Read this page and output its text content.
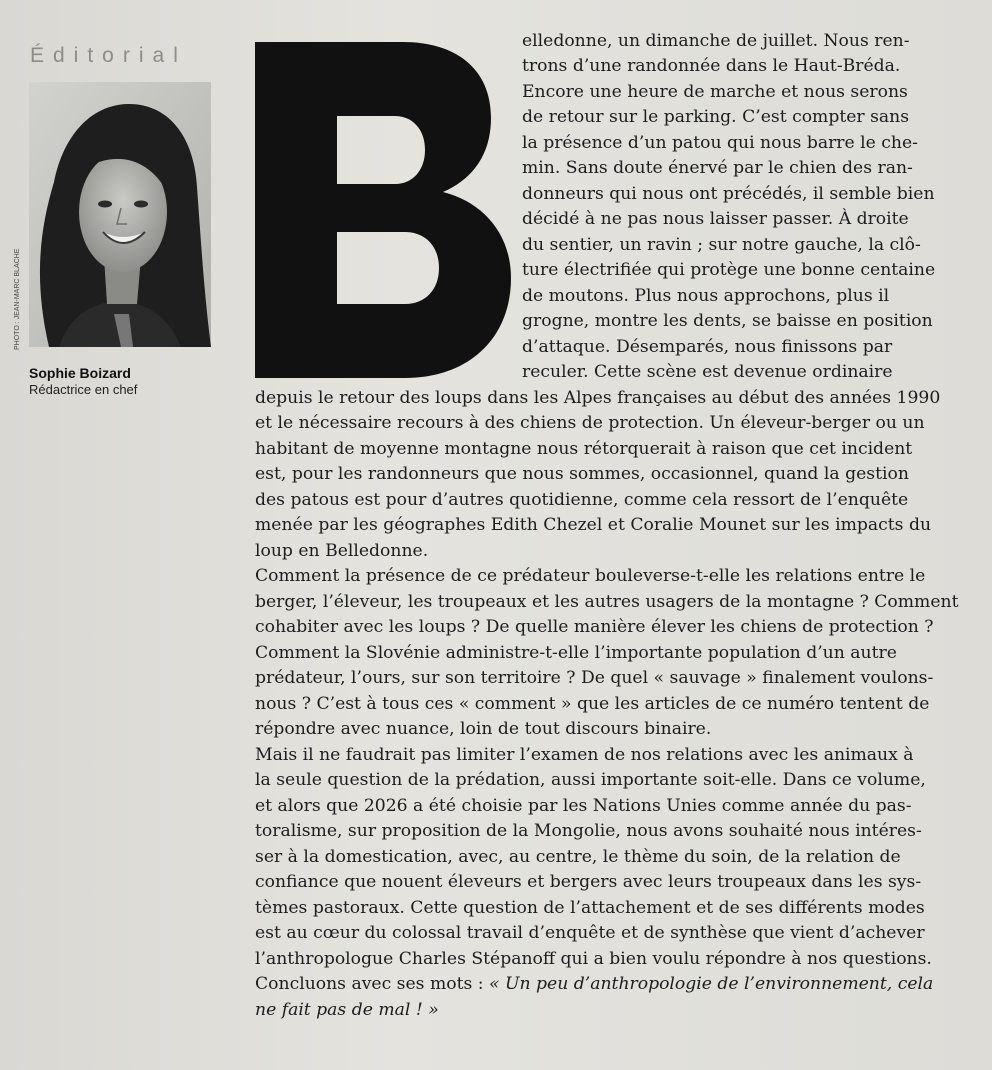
Éditorial
PHOTO : JEAN-MARC BLACHE
Sophie Boizard
Rédactrice en chef
elledonne, un dimanche de juillet. Nous ren-
trons d’une randonnée dans le Haut-Bréda.
Encore une heure de marche et nous serons
de retour sur le parking. C’est compter sans
la présence d’un patou qui nous barre le che-
min. Sans doute énervé par le chien des ran-
donneurs qui nous ont précédés, il semble bien
décidé à ne pas nous laisser passer. À droite
du sentier, un ravin ; sur notre gauche, la clô-
ture électrifiée qui protège une bonne centaine
de moutons. Plus nous approchons, plus il
grogne, montre les dents, se baisse en position
d’attaque. Désemparés, nous finissons par
reculer. Cette scène est devenue ordinaire
depuis le retour des loups dans les Alpes françaises au début des années 1990
et le nécessaire recours à des chiens de protection. Un éleveur-berger ou un
habitant de moyenne montagne nous rétorquerait à raison que cet incident
est, pour les randonneurs que nous sommes, occasionnel, quand la gestion
des patous est pour d’autres quotidienne, comme cela ressort de l’enquête
menée par les géographes Edith Chezel et Coralie Mounet sur les impacts du
loup en Belledonne.
Comment la présence de ce prédateur bouleverse-t-elle les relations entre le
berger, l’éleveur, les troupeaux et les autres usagers de la montagne ? Comment
cohabiter avec les loups ? De quelle manière élever les chiens de protection ?
Comment la Slovénie administre-t-elle l’importante population d’un autre
prédateur, l’ours, sur son territoire ? De quel « sauvage » finalement voulons-
nous ? C’est à tous ces « comment » que les articles de ce numéro tentent de
répondre avec nuance, loin de tout discours binaire.
Mais il ne faudrait pas limiter l’examen de nos relations avec les animaux à
la seule question de la prédation, aussi importante soit-elle. Dans ce volume,
et alors que 2026 a été choisie par les Nations Unies comme année du pas-
toralisme, sur proposition de la Mongolie, nous avons souhaité nous intéres-
ser à la domestication, avec, au centre, le thème du soin, de la relation de
confiance que nouent éleveurs et bergers avec leurs troupeaux dans les sys-
tèmes pastoraux. Cette question de l’attachement et de ses différents modes
est au cœur du colossal travail d’enquête et de synthèse que vient d’achever
l’anthropologue Charles Stépanoff qui a bien voulu répondre à nos questions.
Concluons avec ses mots : « Un peu d’anthropologie de l’environnement, cela
ne fait pas de mal ! »
